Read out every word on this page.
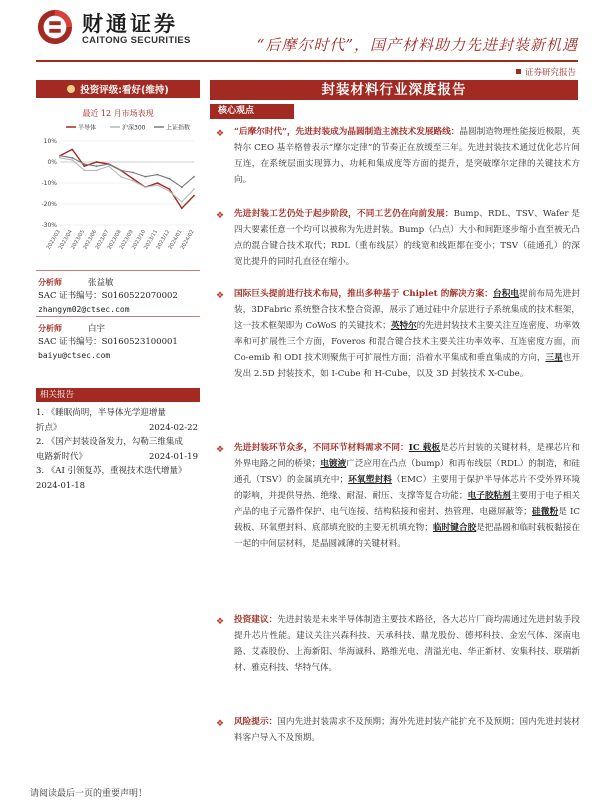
财通证券
CAITONG SECURITIES	“后摩尔时代”，国产材料助力先进封装新机遇
证券研究报告
投资评级:看好(维持)
最近 12 月市场表现
半导体	沪深300	上证指数
10%
0%
-10%
-20%
-30%
2023/03
2023/04
2023/05
2023/06
2023/07
2023/08
2023/09
2023/10
2023/11
2023/12
2024/01
2024/02
分析师	张益敏
SAC 证书编号：S0160522070002
zhangym02@ctsec.com
分析师	白宇
SAC 证书编号：S0160523100001
baiyu@ctsec.com
相关报告
1. 《睡眠尚明，半导体光学迎增量
折点》	2024-02-22
2. 《国产封装设备发力，勾勒三维集成
电路新时代》	2024-01-19
3. 《AI 引领复苏，重视技术迭代增量》
2024-01-18
封装材料行业深度报告
核心观点
❖ “后摩尔时代”，先进封装成为晶圆制造主流技术发展路线：晶圆制造物理性能接近极限，英特尔 CEO 基辛格曾表示“摩尔定律”的节奏正在放缓至三年。先进封装技术通过优化芯片间互连，在系统层面实现算力、功耗和集成度等方面的提升，是突破摩尔定律的关键技术方向。
❖ 先进封装工艺仍处于起步阶段，不同工艺仍在向前发展：Bump、RDL、TSV、Wafer 是四大要素任意一个均可以被称为先进封装。Bump（凸点）大小和间距逐步缩小直至被无凸点的混合键合技术取代；RDL（重布线层）的线宽和线距都在变小；TSV（硅通孔）的深宽比提升的同时孔直径在缩小。
❖ 国际巨头提前进行技术布局，推出多种基于 Chiplet 的解决方案：台积电提前布局先进封装，3DFabric 系统整合技术整合资源，展示了通过硅中介层进行子系统集成的技术框架，这一技术框架即为 CoWoS 的关键技术；英特尔的先进封装技术主要关注互连密度、功率效率和可扩展性三个方面，Foveros 和混合键合技术主要关注功率效率、互连密度方面，而 Co-emib 和 ODI 技术则聚焦于可扩展性方面；沿着水平集成和垂直集成的方向，三星也开发出 2.5D 封装技术，如 I-Cube 和 H-Cube，以及 3D 封装技术 X-Cube。
❖ 先进封装环节众多，不同环节材料需求不同：IC 载板是芯片封装的关键材料，是裸芯片和外界电路之间的桥梁；电镀液广泛应用在凸点（bump）和再布线层（RDL）的制造，和硅通孔（TSV）的金属填充中；环氧塑封料（EMC）主要用于保护半导体芯片不受外界环境的影响，并提供导热、绝缘、耐湿、耐压、支撑等复合功能；电子胶粘剂主要用于电子相关产品的电子元器件保护、电气连接、结构粘接和密封、热管理、电磁屏蔽等；硅微粉是 IC 载板、环氧塑封料、底部填充胶的主要无机填充物；临时键合胶是把晶圆和临时载板黏接在一起的中间层材料，是晶圆减薄的关键材料。
❖ 投资建议：先进封装是未来半导体制造主要技术路径，各大芯片厂商均需通过先进封装手段提升芯片性能。建议关注兴森科技、天承科技、鼎龙股份、德邦科技、金宏气体、深南电路、艾森股份、上海新阳、华海诚科、路维光电、清溢光电、华正新材、安集科技、联瑞新材、雅克科技、华特气体。
❖ 风险提示：国内先进封装需求不及预期；海外先进封装产能扩充不及预期；国内先进封装材料客户导入不及预期。
请阅读最后一页的重要声明！
